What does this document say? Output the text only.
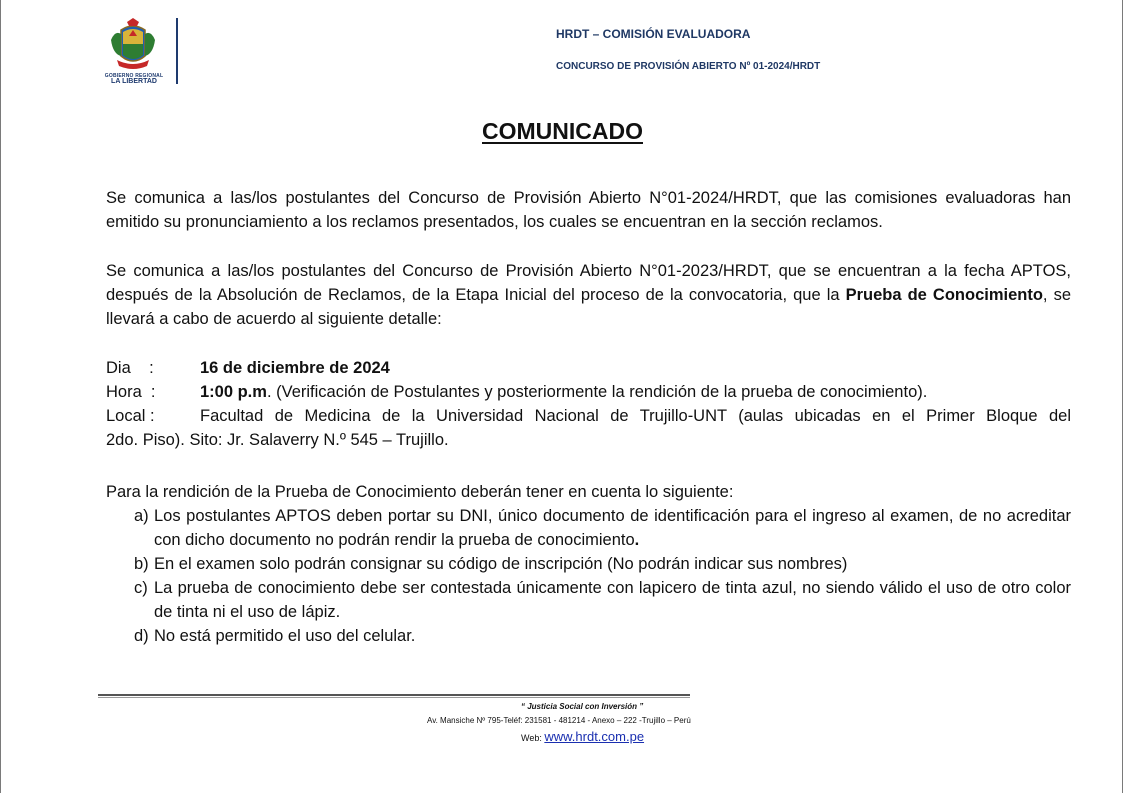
GOBIERNO REGIONAL
LA LIBERTAD
HRDT – COMISIÓN EVALUADORA
CONCURSO DE PROVISIÓN ABIERTO Nº 01-2024/HRDT
COMUNICADO

Se comunica a las/los postulantes del Concurso de Provisión Abierto N°01-2024/HRDT, que las comisiones evaluadoras han emitido su pronunciamiento a los reclamos presentados, los cuales se encuentran en la sección reclamos.

Se comunica a las/los postulantes del Concurso de Provisión Abierto N°01-2023/HRDT, que se encuentran a la fecha APTOS, después de la Absolución de Reclamos, de la Etapa Inicial del proceso de la convocatoria, que la Prueba de Conocimiento, se llevará a cabo de acuerdo al siguiente detalle:

Dia    :	16 de diciembre de 2024
Hora  :	1:00 p.m. (Verificación de Postulantes y posteriormente la rendición de la prueba de conocimiento).
Local :	Facultad de Medicina de la Universidad Nacional de Trujillo-UNT (aulas ubicadas en el Primer Bloque del
2do. Piso). Sito: Jr. Salaverry N.º 545 – Trujillo.

Para la rendición de la Prueba de Conocimiento deberán tener en cuenta lo siguiente:

a) Los postulantes APTOS deben portar su DNI, único documento de identificación para el ingreso al examen, de no acreditar con dicho documento no podrán rendir la prueba de conocimiento.
b) En el examen solo podrán consignar su código de inscripción (No podrán indicar sus nombres)
c) La prueba de conocimiento debe ser contestada únicamente con lapicero de tinta azul, no siendo válido el uso de otro color de tinta ni el uso de lápiz.
d) No está permitido el uso del celular.
“ Justicia Social con Inversión ”
Av. Mansiche Nº 795-Teléf: 231581 - 481214 - Anexo – 222 -Trujillo – Perú
Web: www.hrdt.com.pe
